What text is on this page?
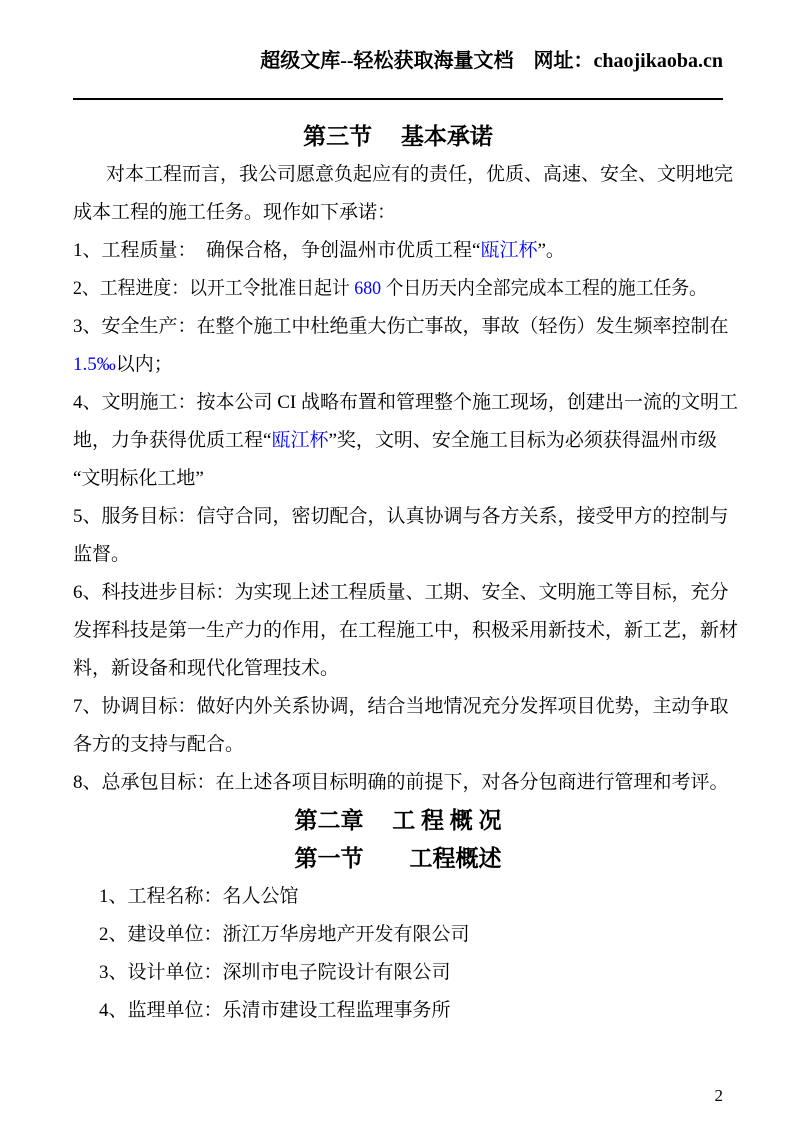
超级文库--轻松获取海量文档    网址：chaojikaoba.cn
第三节     基本承诺
对本工程而言，我公司愿意负起应有的责任，优质、高速、安全、文明地完
成本工程的施工任务。现作如下承诺：
1、工程质量：  确保合格，争创温州市优质工程“瓯江杯”。
2、工程进度：以开工令批准日起计 680 个日历天内全部完成本工程的施工任务。
3、安全生产：在整个施工中杜绝重大伤亡事故，事故（轻伤）发生频率控制在
1.5‰以内；
4、文明施工：按本公司 CI 战略布置和管理整个施工现场，创建出一流的文明工
地，力争获得优质工程“瓯江杯”奖，文明、安全施工目标为必须获得温州市级
“文明标化工地”
5、服务目标：信守合同，密切配合，认真协调与各方关系，接受甲方的控制与
监督。
6、科技进步目标：为实现上述工程质量、工期、安全、文明施工等目标，充分
发挥科技是第一生产力的作用，在工程施工中，积极采用新技术，新工艺，新材
料，新设备和现代化管理技术。
7、协调目标：做好内外关系协调，结合当地情况充分发挥项目优势，主动争取
各方的支持与配合。
8、总承包目标：在上述各项目标明确的前提下，对各分包商进行管理和考评。
第二章     工 程 概 况
第一节        工程概述
1、工程名称：名人公馆
2、建设单位：浙江万华房地产开发有限公司
3、设计单位：深圳市电子院设计有限公司
4、监理单位：乐清市建设工程监理事务所
2
